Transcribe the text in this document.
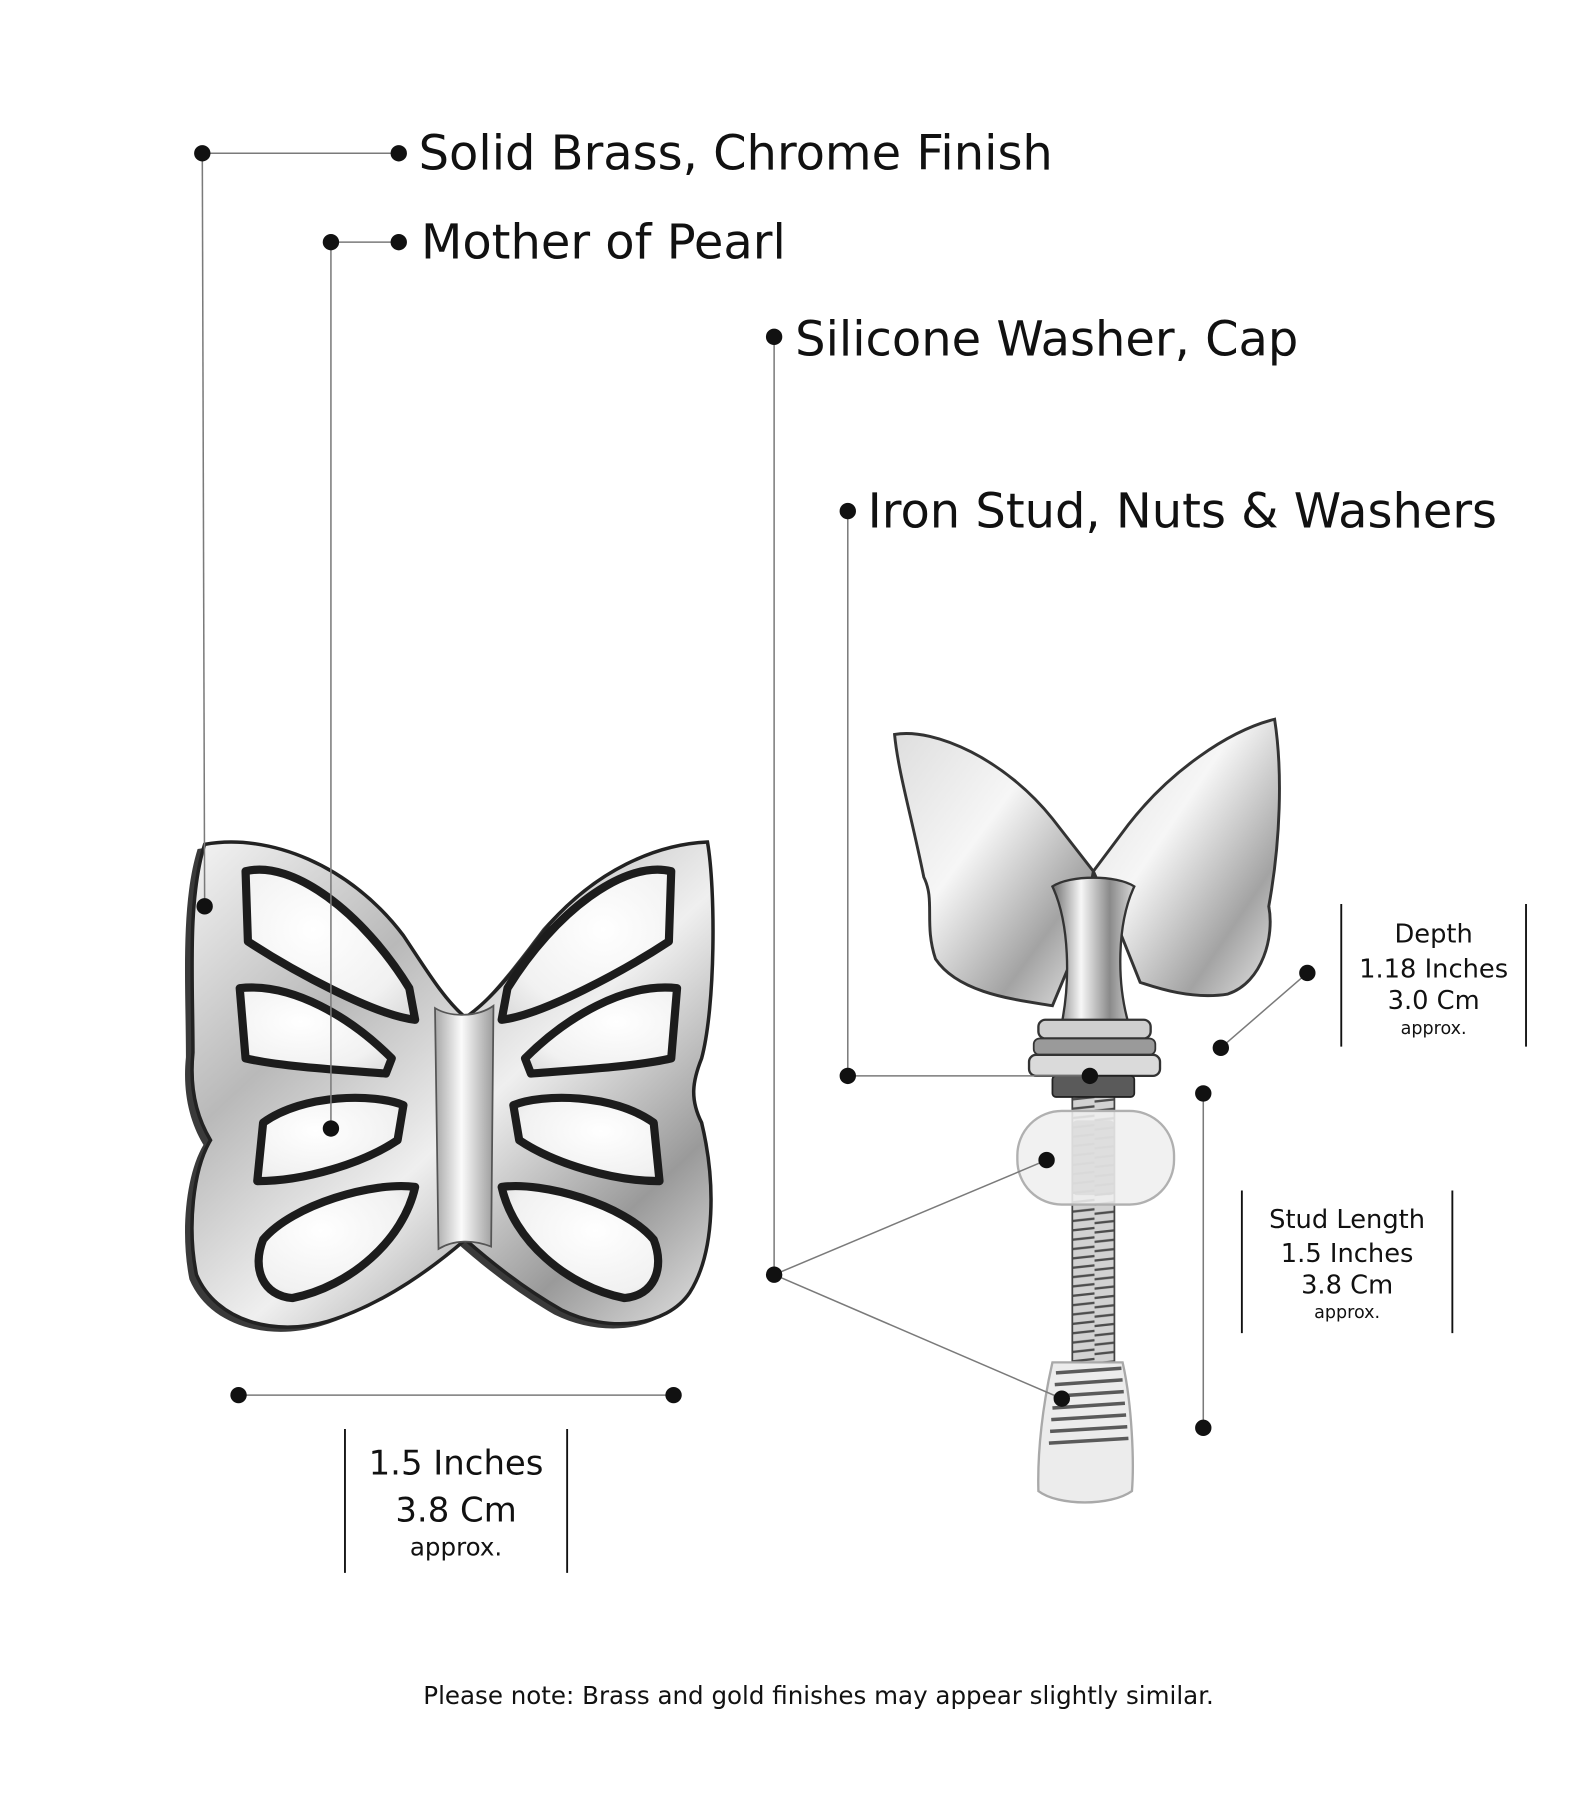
Solid Brass, Chrome Finish
Mother of Pearl
Silicone Washer, Cap
Iron Stud, Nuts & Washers
Depth
1.18 Inches
3.0 Cm
approx.
Stud Length
1.5 Inches
3.8 Cm
approx.
1.5 Inches
3.8 Cm
approx.
Please note: Brass and gold finishes may appear slightly similar.
